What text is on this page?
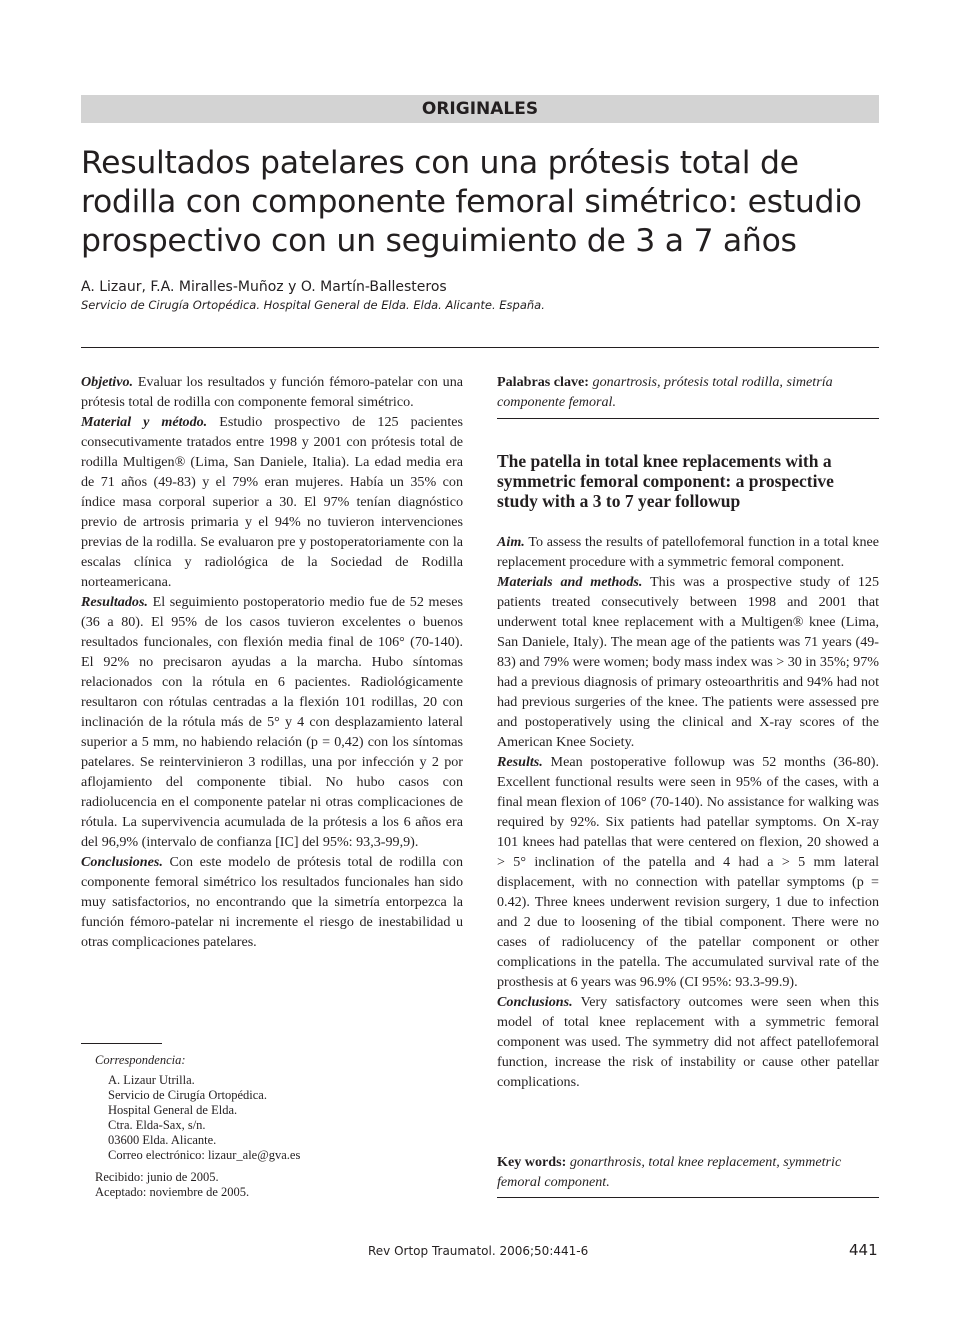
ORIGINALES
Resultados patelares con una prótesis total de rodilla con componente femoral simétrico: estudio prospectivo con un seguimiento de 3 a 7 años
A. Lizaur, F.A. Miralles-Muñoz y O. Martín-Ballesteros
Servicio de Cirugía Ortopédica. Hospital General de Elda. Elda. Alicante. España.

Objetivo. Evaluar los resultados y función fémoro-patelar con una prótesis total de rodilla con componente femoral simétrico.

Material y método. Estudio prospectivo de 125 pacientes consecutivamente tratados entre 1998 y 2001 con prótesis total de rodilla Multigen® (Lima, San Daniele, Italia). La edad media era de 71 años (49-83) y el 79% eran mujeres. Había un 35% con índice masa corporal superior a 30. El 97% tenían diagnóstico previo de artrosis primaria y el 94% no tuvieron intervenciones previas de la rodilla. Se evaluaron pre y postoperatoriamente con la escalas clínica y radiológica de la Sociedad de Rodilla norteamericana.

Resultados. El seguimiento postoperatorio medio fue de 52 meses (36 a 80). El 95% de los casos tuvieron excelentes o buenos resultados funcionales, con flexión media final de 106° (70-140). El 92% no precisaron ayudas a la marcha. Hubo síntomas relacionados con la rótula en 6 pacientes. Radiológicamente resultaron con rótulas centradas a la flexión 101 rodillas, 20 con inclinación de la rótula más de 5° y 4 con desplazamiento lateral superior a 5 mm, no habiendo relación (p = 0,42) con los síntomas patelares. Se reintervinieron 3 rodillas, una por infección y 2 por aflojamiento del componente tibial. No hubo casos con radiolucencia en el componente patelar ni otras complicaciones de rótula. La supervivencia acumulada de la prótesis a los 6 años era del 96,9% (intervalo de confianza [IC] del 95%: 93,3-99,9).

Conclusiones. Con este modelo de prótesis total de rodilla con componente femoral simétrico los resultados funcionales han sido muy satisfactorios, no encontrando que la simetría entorpezca la función fémoro-patelar ni incremente el riesgo de inestabilidad u otras complicaciones patelares.

Palabras clave: gonartrosis, prótesis total rodilla, simetría componente femoral.
The patella in total knee replacements with a symmetric femoral component: a prospective study with a 3 to 7 year followup

Aim. To assess the results of patellofemoral function in a total knee replacement procedure with a symmetric femoral component.

Materials and methods. This was a prospective study of 125 patients treated consecutively between 1998 and 2001 that underwent total knee replacement with a Multigen® knee (Lima, San Daniele, Italy). The mean age of the patients was 71 years (49-83) and 79% were women; body mass index was > 30 in 35%; 97% had a previous diagnosis of primary osteoarthritis and 94% had not had previous surgeries of the knee. The patients were assessed pre and postoperatively using the clinical and X-ray scores of the American Knee Society.

Results. Mean postoperative followup was 52 months (36-80). Excellent functional results were seen in 95% of the cases, with a final mean flexion of 106° (70-140). No assistance for walking was required by 92%. Six patients had patellar symptoms. On X-ray 101 knees had patellas that were centered on flexion, 20 showed a > 5° inclination of the patella and 4 had a > 5 mm lateral displacement, with no connection with patellar symptoms (p = 0.42). Three knees underwent revision surgery, 1 due to infection and 2 due to loosening of the tibial component. There were no cases of radiolucency of the patellar component or other complications in the patella. The accumulated survival rate of the prosthesis at 6 years was 96.9% (CI 95%: 93.3-99.9).

Conclusions. Very satisfactory outcomes were seen when this model of total knee replacement with a symmetric femoral component was used. The symmetry did not affect patellofemoral function, increase the risk of instability or cause other patellar complications.

Key words: gonarthrosis, total knee replacement, symmetric femoral component.
Correspondencia:
A. Lizaur Utrilla.
Servicio de Cirugía Ortopédica.
Hospital General de Elda.
Ctra. Elda-Sax, s/n.
03600 Elda. Alicante.
Correo electrónico: lizaur_ale@gva.es
Recibido: junio de 2005.
Aceptado: noviembre de 2005.
Rev Ortop Traumatol. 2006;50:441-6	441
